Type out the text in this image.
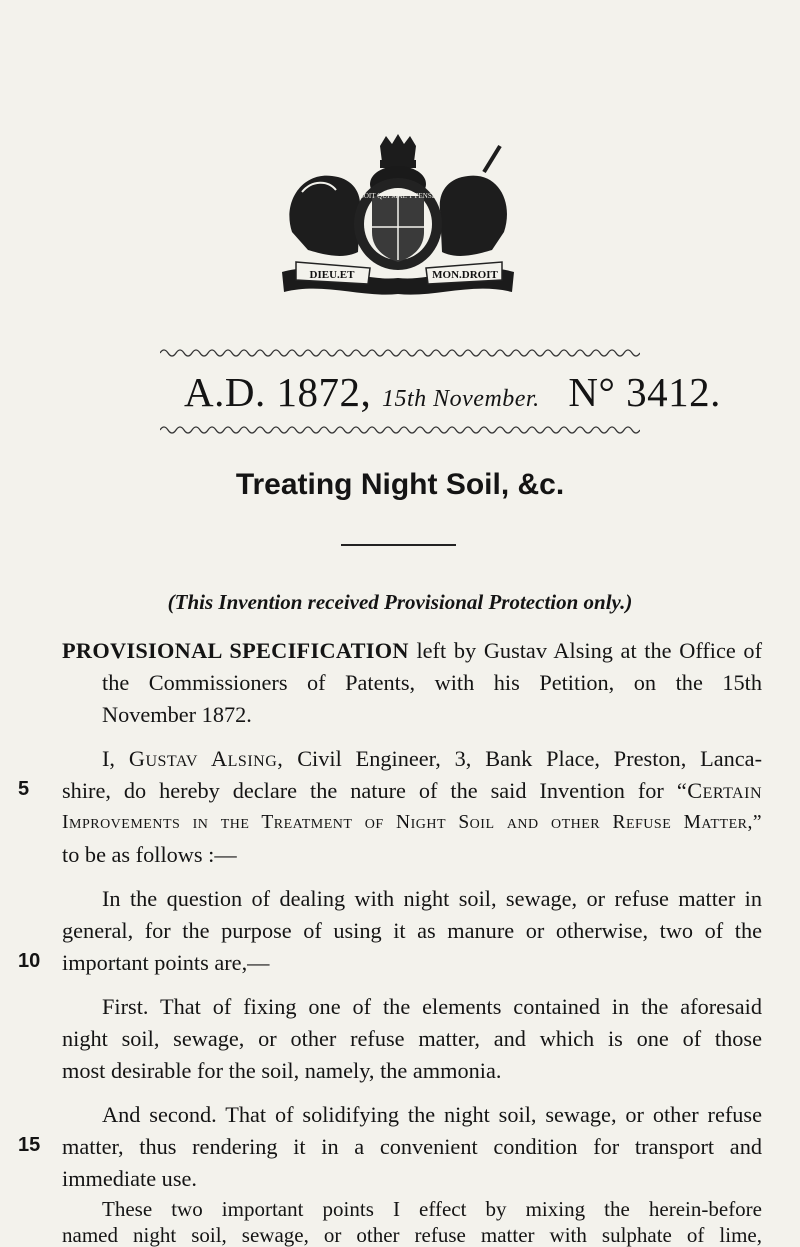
SOIT QUI MAL Y PENSE
DIEU.ET	MON.DROIT
A.D. 1872, 15th November. N° 3412.
Treating Night Soil, &c.
(This Invention received Provisional Protection only.)
5
10
15
PROVISIONAL SPECIFICATION left by Gustav Alsing at the Office of
the Commissioners of Patents, with his Petition, on the 15th
November 1872.
I, Gustav Alsing, Civil Engineer, 3, Bank Place, Preston, Lanca-
shire, do hereby declare the nature of the said Invention for “Certain
Improvements in the Treatment of Night Soil and other Refuse Matter,”
to be as follows :—
In the question of dealing with night soil, sewage, or refuse matter in
general, for the purpose of using it as manure or otherwise, two of the
important points are,—
First. That of fixing one of the elements contained in the aforesaid
night soil, sewage, or other refuse matter, and which is one of those
most desirable for the soil, namely, the ammonia.
And second. That of solidifying the night soil, sewage, or other refuse
matter, thus rendering it in a convenient condition for transport and
immediate use.
These two important points I effect by mixing the herein-before
named night soil, sewage, or other refuse matter with sulphate of lime,
